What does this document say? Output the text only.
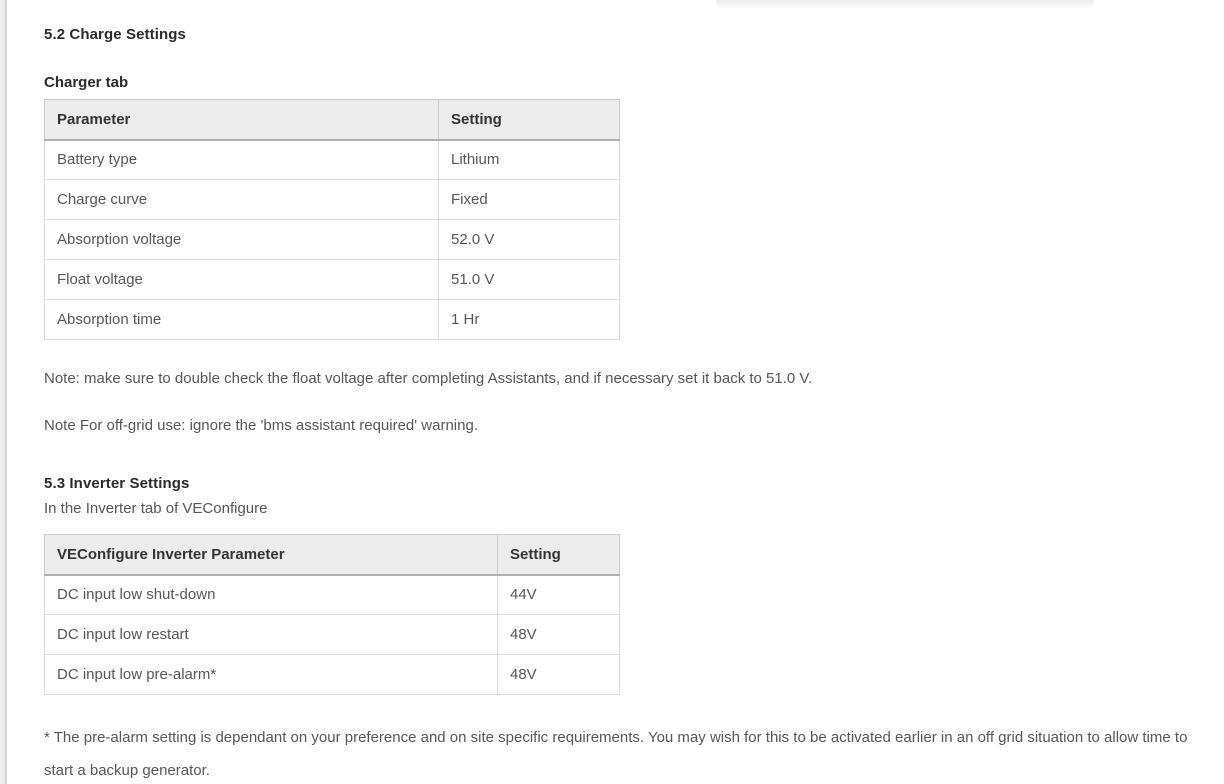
5.2 Charge Settings
Charger tab
Parameter	Setting
Battery type	Lithium
Charge curve	Fixed
Absorption voltage	52.0 V
Float voltage	51.0 V
Absorption time	1 Hr

Note: make sure to double check the float voltage after completing Assistants, and if necessary set it back to 51.0 V.

Note For off-grid use: ignore the 'bms assistant required' warning.

5.3 Inverter Settings
In the Inverter tab of VEConfigure
VEConfigure Inverter Parameter	Setting
DC input low shut-down	44V
DC input low restart	48V
DC input low pre-alarm*	48V

* The pre-alarm setting is dependant on your preference and on site specific requirements. You may wish for this to be activated earlier in an off grid situation to allow time to start a backup generator.
